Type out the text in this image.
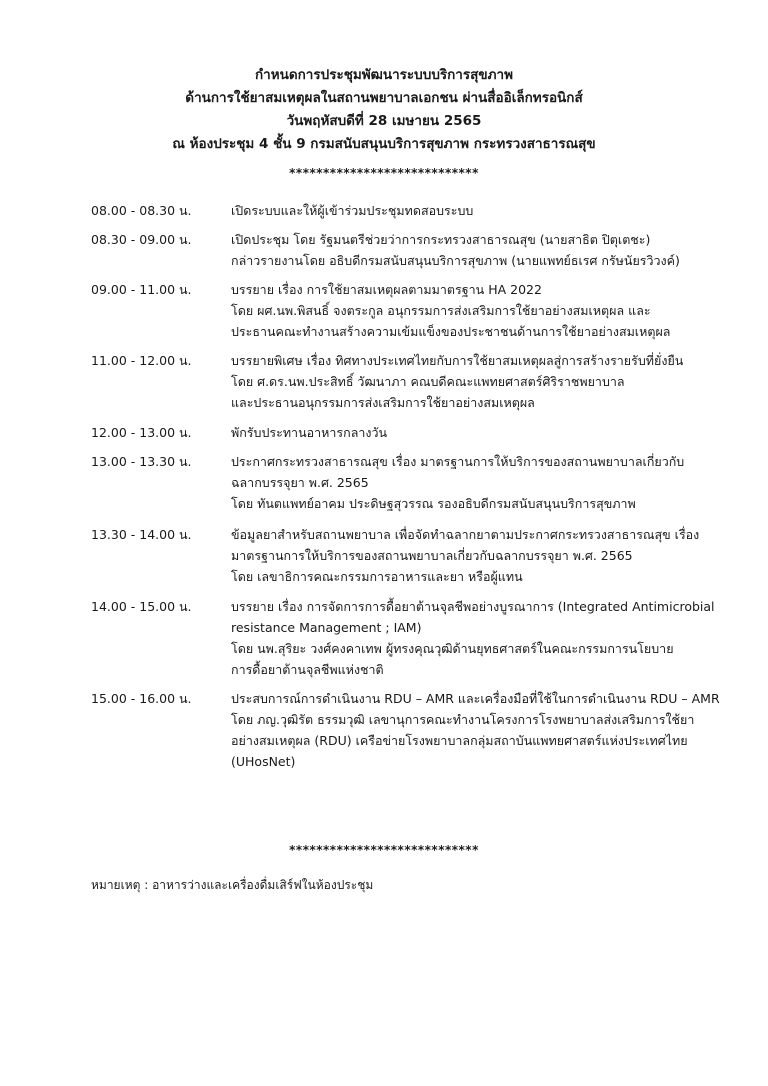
กำหนดการประชุมพัฒนาระบบบริการสุขภาพ
ด้านการใช้ยาสมเหตุผลในสถานพยาบาลเอกชน ผ่านสื่ออิเล็กทรอนิกส์
วันพฤหัสบดีที่ 28 เมษายน 2565
ณ ห้องประชุม 4 ชั้น 9 กรมสนับสนุนบริการสุขภาพ กระทรวงสาธารณสุข
****************************
08.00 - 08.30 น.	เปิดระบบและให้ผู้เข้าร่วมประชุมทดสอบระบบ
08.30 - 09.00 น.	เปิดประชุม โดย รัฐมนตรีช่วยว่าการกระทรวงสาธารณสุข (นายสาธิต ปิตุเตชะ)
กล่าวรายงานโดย อธิบดีกรมสนับสนุนบริการสุขภาพ (นายแพทย์ธเรศ กรัษนัยรวิวงค์)
09.00 - 11.00 น.	บรรยาย เรื่อง การใช้ยาสมเหตุผลตามมาตรฐาน HA 2022
โดย ผศ.นพ.พิสนธิ์ จงตระกูล อนุกรรมการส่งเสริมการใช้ยาอย่างสมเหตุผล และ
ประธานคณะทำงานสร้างความเข้มแข็งของประชาชนด้านการใช้ยาอย่างสมเหตุผล
11.00 - 12.00 น.	บรรยายพิเศษ เรื่อง ทิศทางประเทศไทยกับการใช้ยาสมเหตุผลสู่การสร้างรายรับที่ยั่งยืน
โดย ศ.ดร.นพ.ประสิทธิ์ วัฒนาภา คณบดีคณะแพทยศาสตร์ศิริราชพยาบาล
และประธานอนุกรรมการส่งเสริมการใช้ยาอย่างสมเหตุผล
12.00 - 13.00 น.	พักรับประทานอาหารกลางวัน
13.00 - 13.30 น.	ประกาศกระทรวงสาธารณสุข เรื่อง มาตรฐานการให้บริการของสถานพยาบาลเกี่ยวกับ
ฉลากบรรจุยา พ.ศ. 2565
โดย ทันตแพทย์อาคม ประดิษฐสุวรรณ รองอธิบดีกรมสนับสนุนบริการสุขภาพ
13.30 - 14.00 น.	ข้อมูลยาสำหรับสถานพยาบาล เพื่อจัดทำฉลากยาตามประกาศกระทรวงสาธารณสุข เรื่อง
มาตรฐานการให้บริการของสถานพยาบาลเกี่ยวกับฉลากบรรจุยา พ.ศ. 2565
โดย เลขาธิการคณะกรรมการอาหารและยา หรือผู้แทน
14.00 - 15.00 น.	บรรยาย เรื่อง การจัดการการดื้อยาต้านจุลชีพอย่างบูรณาการ (Integrated Antimicrobial
resistance Management ; IAM)
โดย นพ.สุริยะ วงศ์คงคาเทพ ผู้ทรงคุณวุฒิด้านยุทธศาสตร์ในคณะกรรมการนโยบาย
การดื้อยาต้านจุลชีพแห่งชาติ
15.00 - 16.00 น.	ประสบการณ์การดำเนินงาน RDU – AMR และเครื่องมือที่ใช้ในการดำเนินงาน RDU – AMR
โดย ภญ.วุฒิรัต ธรรมวุฒิ เลขานุการคณะทำงานโครงการโรงพยาบาลส่งเสริมการใช้ยา
อย่างสมเหตุผล (RDU) เครือข่ายโรงพยาบาลกลุ่มสถาบันแพทยศาสตร์แห่งประเทศไทย
(UHosNet)
****************************
หมายเหตุ : อาหารว่างและเครื่องดื่มเสิร์ฟในห้องประชุม
